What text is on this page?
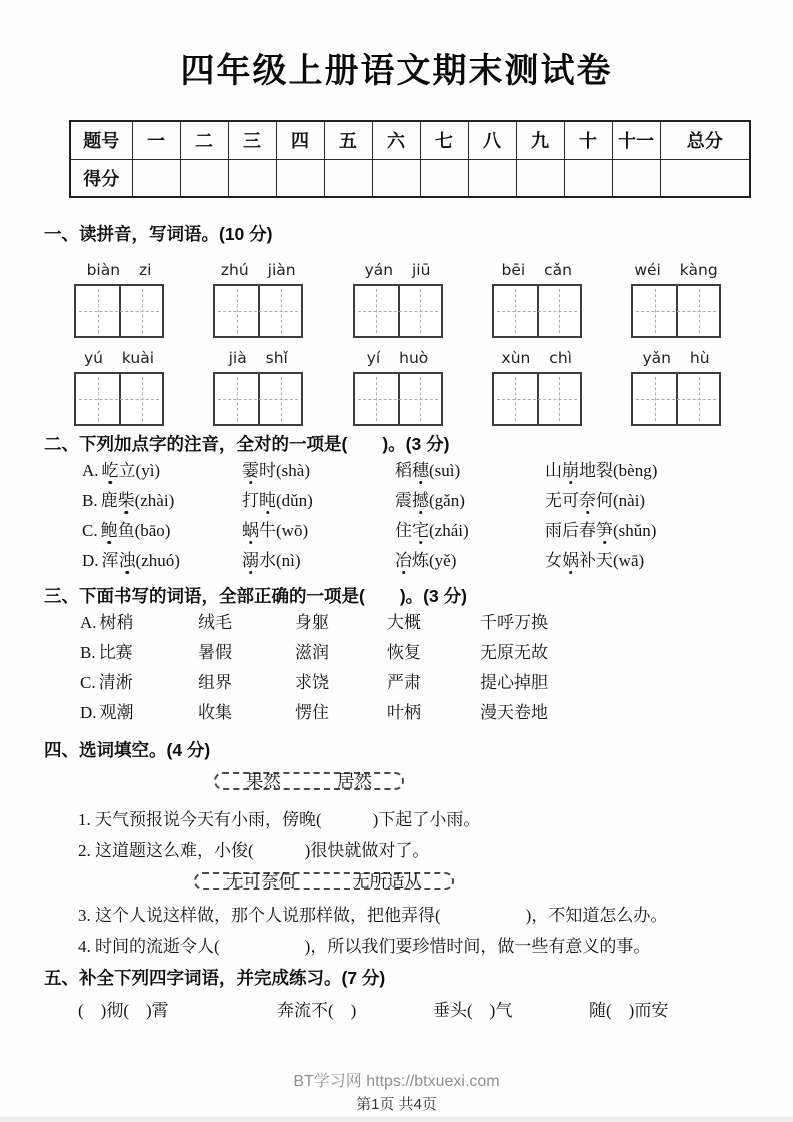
四年级上册语文期末测试卷
题号	一	二	三	四	五	六	七	八	九	十	十一	总分
得分												
一、读拼音，写词语。(10 分)
biàn zi	zhú jiàn	yán jiū	bēi cǎn	wéi kàng
yú kuài	jià shǐ	yí huò	xùn chì	yǎn hù
二、下列加点字的注音，全对的一项是(　　)。(3 分)
A. 屹立(yì)	霎时(shà)	稻穗(suì)	山崩地裂(bèng)
B. 鹿柴(zhài)	打盹(dǔn)	震撼(gǎn)	无可奈何(nài)
C. 鲍鱼(bāo)	蜗牛(wō)	住宅(zhái)	雨后春笋(shǔn)
D. 浑浊(zhuó)	溺水(nì)	冶炼(yě)	女娲补天(wā)
三、下面书写的词语，全部正确的一项是(　　)。(3 分)
A. 树稍	绒毛	身躯	大概	千呼万换
B. 比赛	暑假	滋润	恢复	无原无故
C. 清淅	组界	求饶	严肃	提心掉胆
D. 观潮	收集	愣住	叶柄	漫天卷地
四、选词填空。(4 分)
果然	居然
1. 天气预报说今天有小雨，傍晚(　　　)下起了小雨。
2. 这道题这么难，小俊(　　　)很快就做对了。
无可奈何	无所适从
3. 这个人说这样做，那个人说那样做，把他弄得(　　　　　)，不知道怎么办。
4. 时间的流逝令人(　　　　　)，所以我们要珍惜时间，做一些有意义的事。
五、补全下列四字词语，并完成练习。(7 分)
(　)彻(　)霄	奔流不(　)	垂头(　)气	随(　)而安
BT学习网 https://btxuexi.com
第1页 共4页
